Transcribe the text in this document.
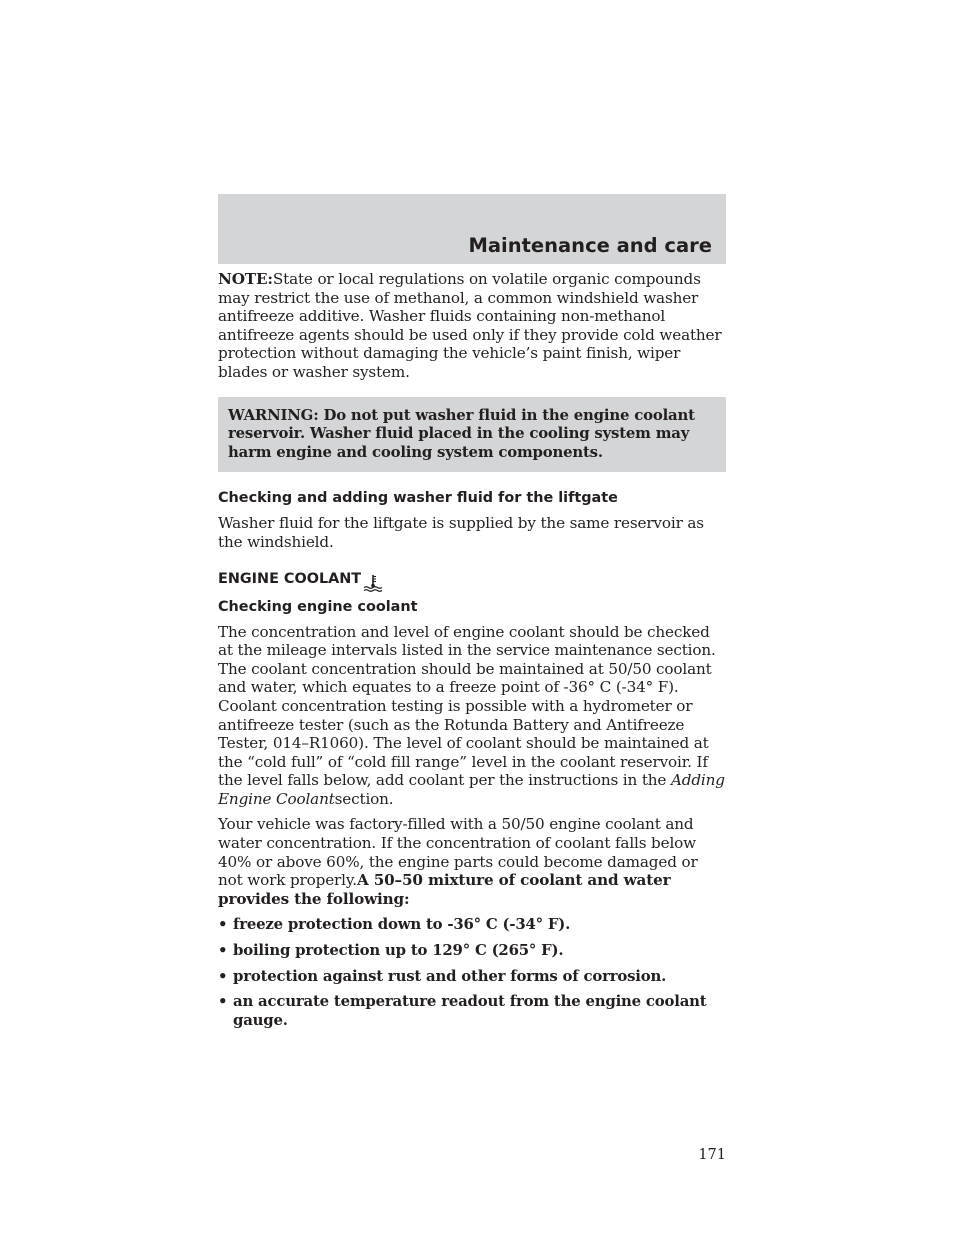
Maintenance and care

NOTE:State or local regulations on volatile organic compounds may restrict the use of methanol, a common windshield washer antifreeze additive. Washer fluids containing non-methanol antifreeze agents should be used only if they provide cold weather protection without damaging the vehicle’s paint finish, wiper blades or washer system.

WARNING: Do not put washer fluid in the engine coolant reservoir. Washer fluid placed in the cooling system may harm engine and cooling system components.

Checking and adding washer fluid for the liftgate

Washer fluid for the liftgate is supplied by the same reservoir as the windshield.

ENGINE COOLANT
Checking engine coolant

The concentration and level of engine coolant should be checked at the mileage intervals listed in the service maintenance section. The coolant concentration should be maintained at 50/50 coolant and water, which equates to a freeze point of -36° C (-34° F). Coolant concentration testing is possible with a hydrometer or antifreeze tester (such as the Rotunda Battery and Antifreeze Tester, 014–R1060). The level of coolant should be maintained at the “cold full” of “cold fill range” level in the coolant reservoir. If the level falls below, add coolant per the instructions in the Adding Engine Coolantsection.

Your vehicle was factory-filled with a 50/50 engine coolant and water concentration. If the concentration of coolant falls below 40% or above 60%, the engine parts could become damaged or not work properly.A 50–50 mixture of coolant and water provides the following:

• freeze protection down to -36° C (-34° F).
• boiling protection up to 129° C (265° F).
• protection against rust and other forms of corrosion.
• an accurate temperature readout from the engine coolant gauge.
171
